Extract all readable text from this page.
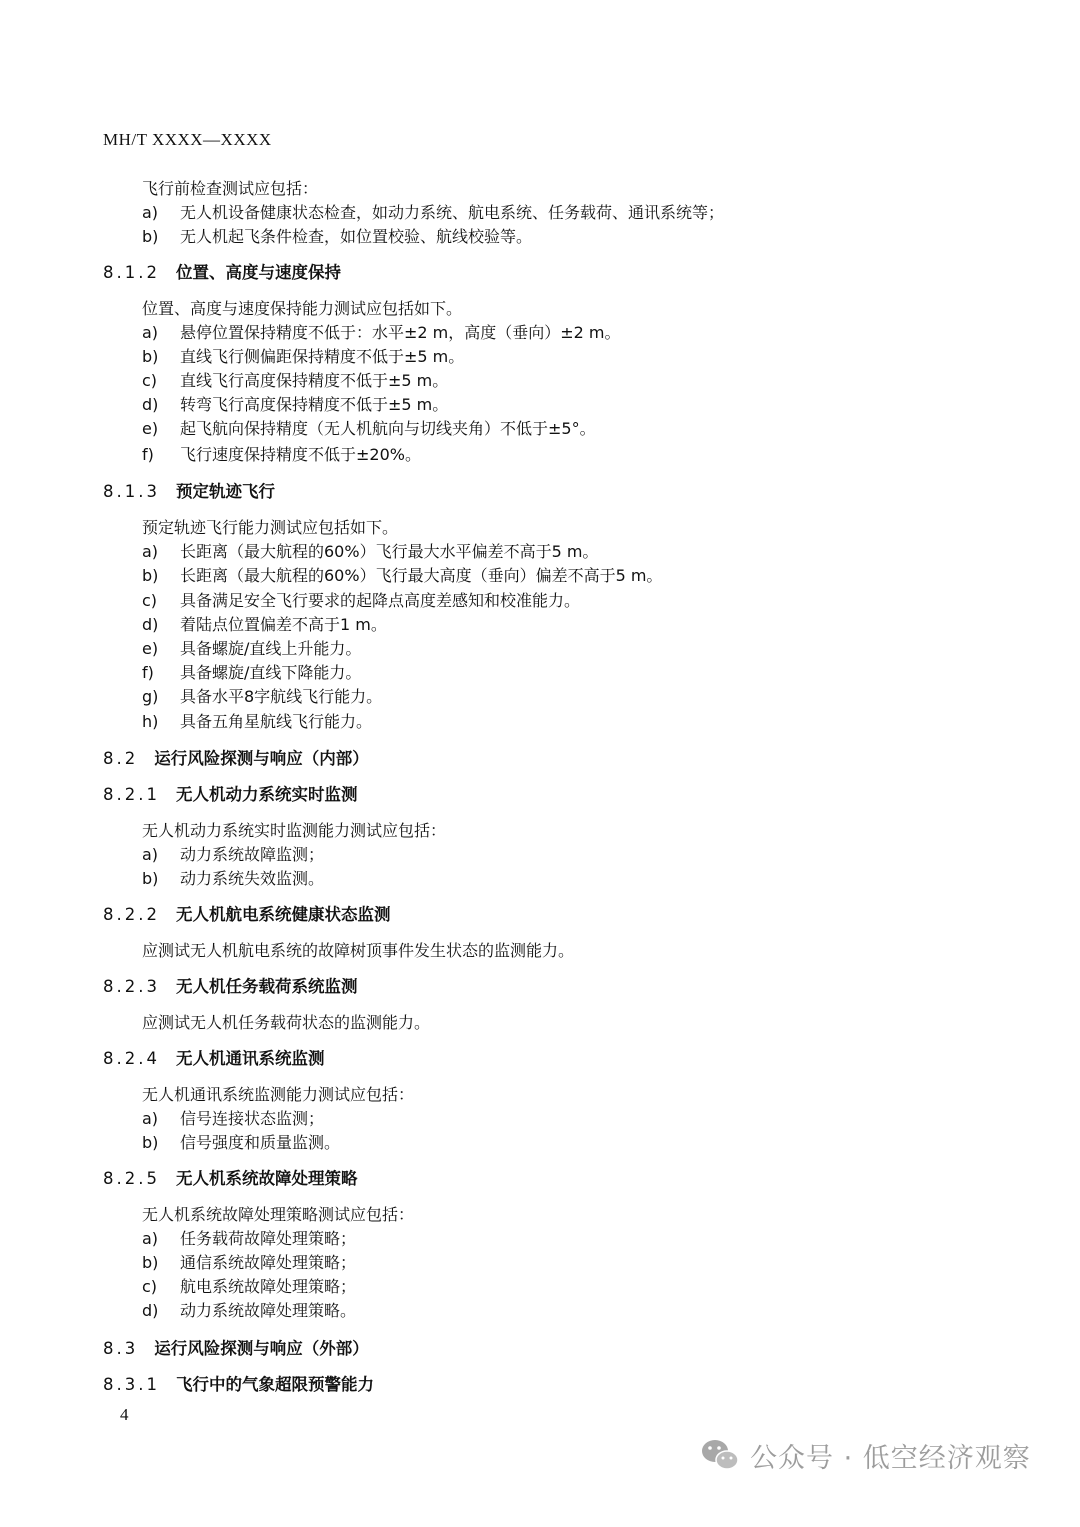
MH/T XXXX—XXXX
飞行前检查测试应包括：
a) 无人机设备健康状态检查，如动力系统、航电系统、任务载荷、通讯系统等；
b) 无人机起飞条件检查，如位置校验、航线校验等。
8.1.2 位置、高度与速度保持
位置、高度与速度保持能力测试应包括如下。
a) 悬停位置保持精度不低于：水平±2 m，高度（垂向）±2 m。
b) 直线飞行侧偏距保持精度不低于±5 m。
c) 直线飞行高度保持精度不低于±5 m。
d) 转弯飞行高度保持精度不低于±5 m。
e) 起飞航向保持精度（无人机航向与切线夹角）不低于±5°。
f) 飞行速度保持精度不低于±20%。
8.1.3 预定轨迹飞行
预定轨迹飞行能力测试应包括如下。
a) 长距离（最大航程的60%）飞行最大水平偏差不高于5 m。
b) 长距离（最大航程的60%）飞行最大高度（垂向）偏差不高于5 m。
c) 具备满足安全飞行要求的起降点高度差感知和校准能力。
d) 着陆点位置偏差不高于1 m。
e) 具备螺旋/直线上升能力。
f) 具备螺旋/直线下降能力。
g) 具备水平8字航线飞行能力。
h) 具备五角星航线飞行能力。
8.2 运行风险探测与响应（内部）
8.2.1 无人机动力系统实时监测
无人机动力系统实时监测能力测试应包括：
a) 动力系统故障监测；
b) 动力系统失效监测。
8.2.2 无人机航电系统健康状态监测
应测试无人机航电系统的故障树顶事件发生状态的监测能力。
8.2.3 无人机任务载荷系统监测
应测试无人机任务载荷状态的监测能力。
8.2.4 无人机通讯系统监测
无人机通讯系统监测能力测试应包括：
a) 信号连接状态监测；
b) 信号强度和质量监测。
8.2.5 无人机系统故障处理策略
无人机系统故障处理策略测试应包括：
a) 任务载荷故障处理策略；
b) 通信系统故障处理策略；
c) 航电系统故障处理策略；
d) 动力系统故障处理策略。
8.3 运行风险探测与响应（外部）
8.3.1 飞行中的气象超限预警能力
4
公众号 · 低空经济观察
